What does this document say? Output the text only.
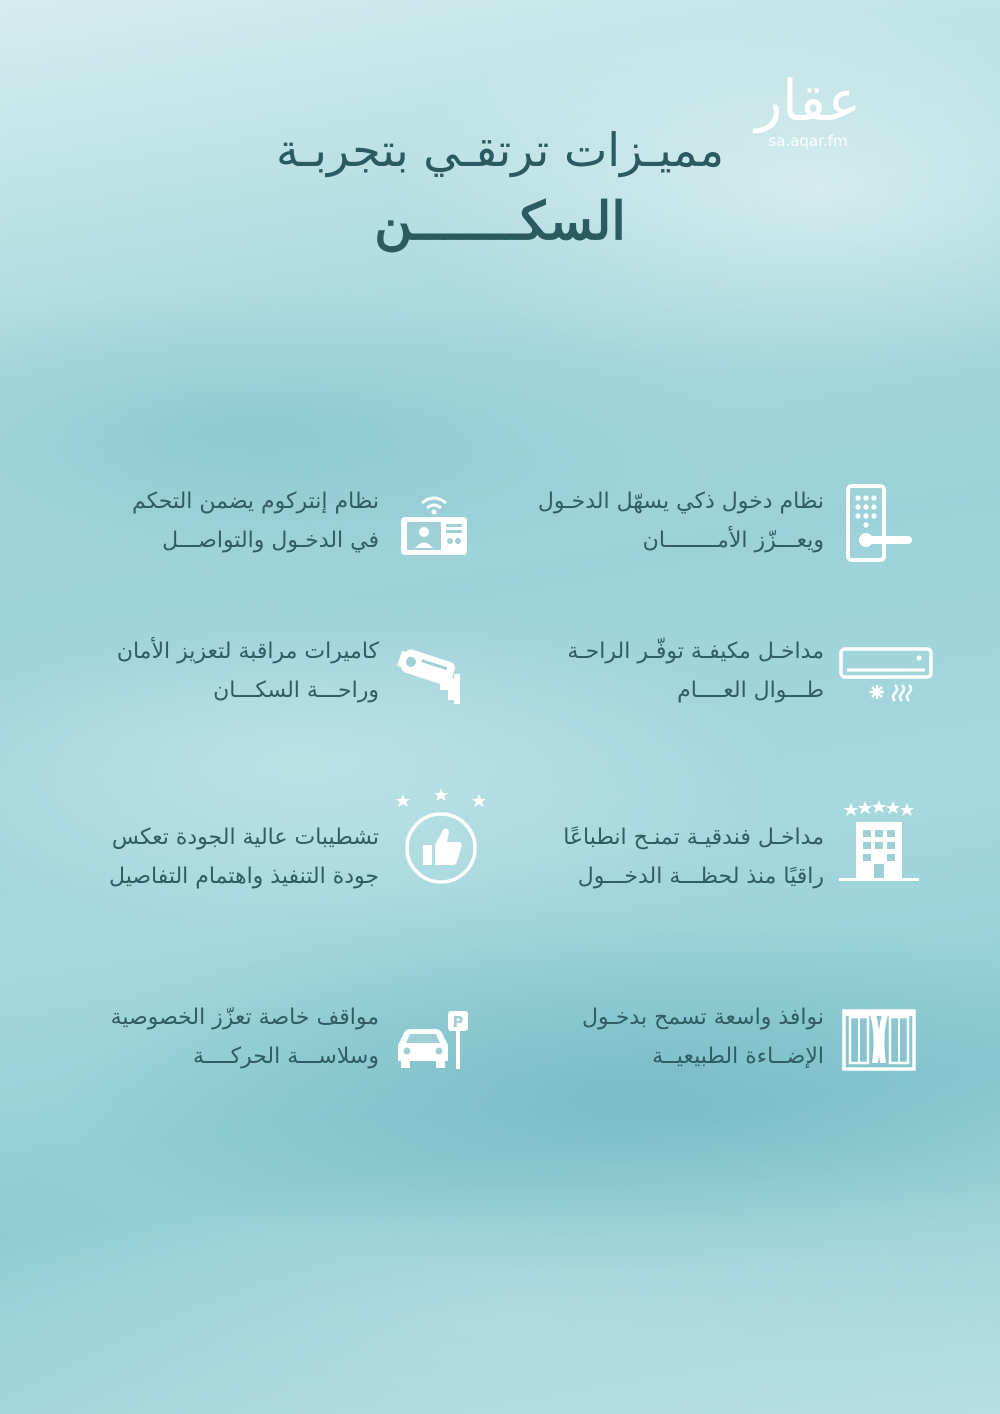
عقار
sa.aqar.fm
مميـزات ترتقـي بتجربـة
السكـــــــن
نظام دخول ذكي يسهّل الدخـول
ويعـــزّز الأمــــــــان
نظام إنتركوم يضمن التحكم
في الدخـول والتواصـــل
مداخـل مكيفـة توفّـر الراحـة
طـــوال العــــام
كاميرات مراقبة لتعزيز الأمان
وراحـــة السكـــان
مداخـل فندقيـة تمنـح انطباعًا
راقيًا منذ لحظـــة الدخـــول
تشطيبات عالية الجودة تعكس
جودة التنفيذ واهتمام التفاصيل
نوافذ واسعة تسمح بدخـول
الإضــاءة الطبيعيــة
P
مواقف خاصة تعزّز الخصوصية
وسلاســـة الحركــــة
